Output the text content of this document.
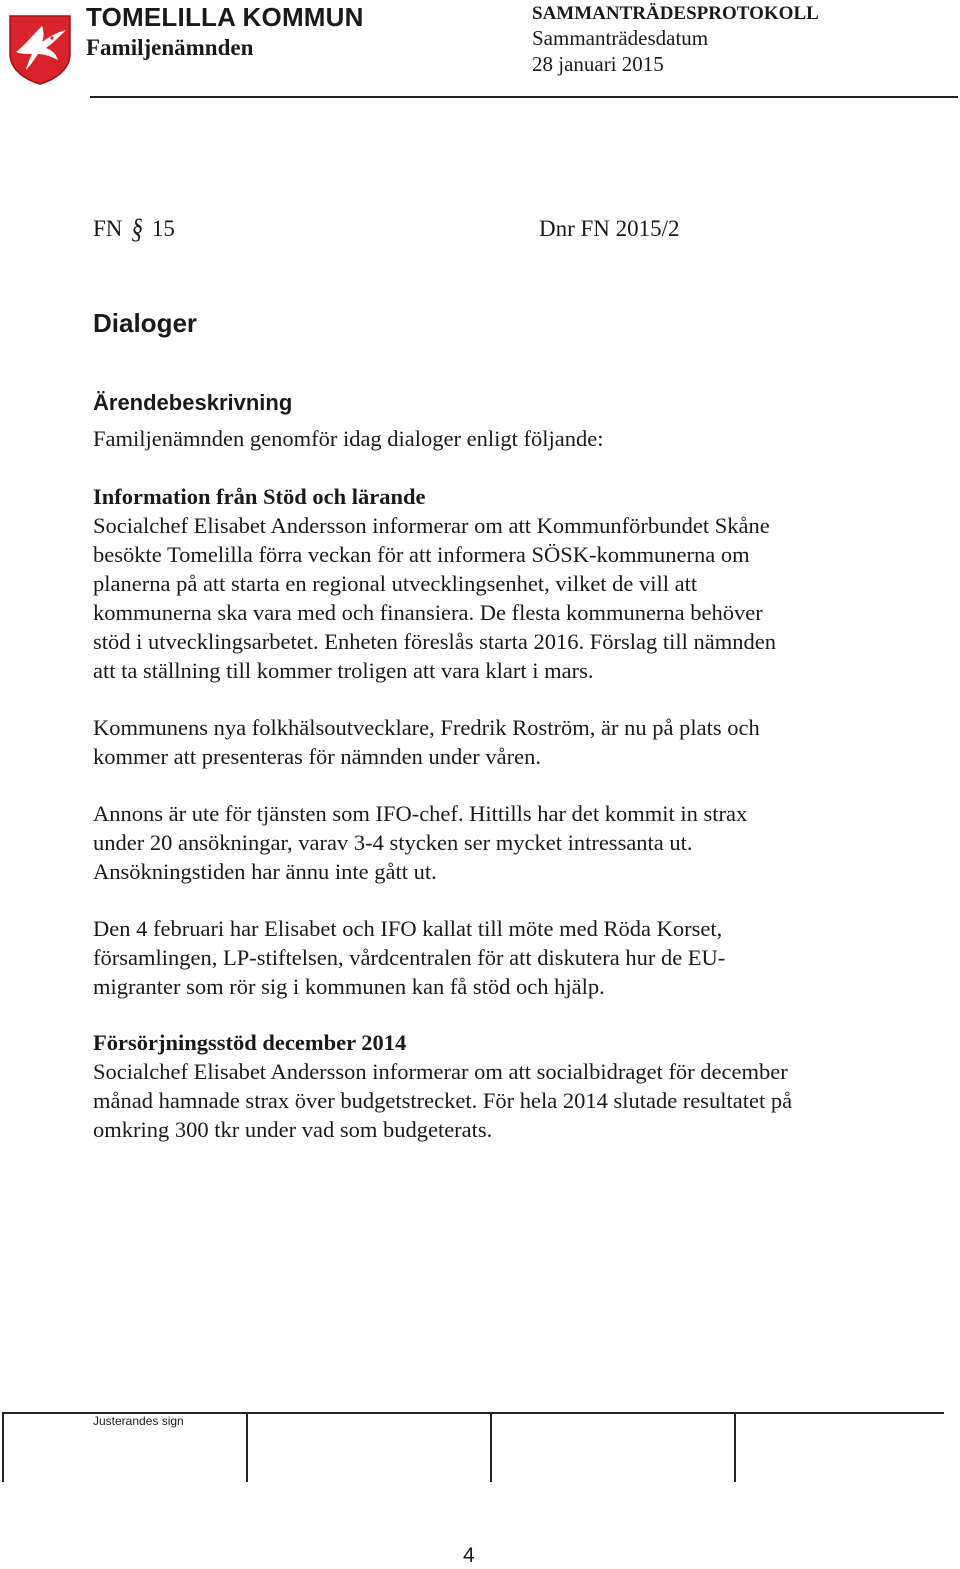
TOMELILLA KOMMUN
Familjenämnden
SAMMANTRÄDESPROTOKOLL
Sammanträdesdatum
28 januari 2015
FN § 15	Dnr FN 2015/2
Dialoger
Ärendebeskrivning
Familjenämnden genomför idag dialoger enligt följande:
Information från Stöd och lärande
Socialchef Elisabet Andersson informerar om att Kommunförbundet Skåne
besökte Tomelilla förra veckan för att informera SÖSK-kommunerna om
planerna på att starta en regional utvecklingsenhet, vilket de vill att
kommunerna ska vara med och finansiera. De flesta kommunerna behöver
stöd i utvecklingsarbetet. Enheten föreslås starta 2016. Förslag till nämnden
att ta ställning till kommer troligen att vara klart i mars.
Kommunens nya folkhälsoutvecklare, Fredrik Roström, är nu på plats och
kommer att presenteras för nämnden under våren.
Annons är ute för tjänsten som IFO-chef. Hittills har det kommit in strax
under 20 ansökningar, varav 3-4 stycken ser mycket intressanta ut.
Ansökningstiden har ännu inte gått ut.
Den 4 februari har Elisabet och IFO kallat till möte med Röda Korset,
församlingen, LP-stiftelsen, vårdcentralen för att diskutera hur de EU-
migranter som rör sig i kommunen kan få stöd och hjälp.
Försörjningsstöd december 2014
Socialchef Elisabet Andersson informerar om att socialbidraget för december
månad hamnade strax över budgetstrecket. För hela 2014 slutade resultatet på
omkring 300 tkr under vad som budgeterats.
Justerandes sign
4
